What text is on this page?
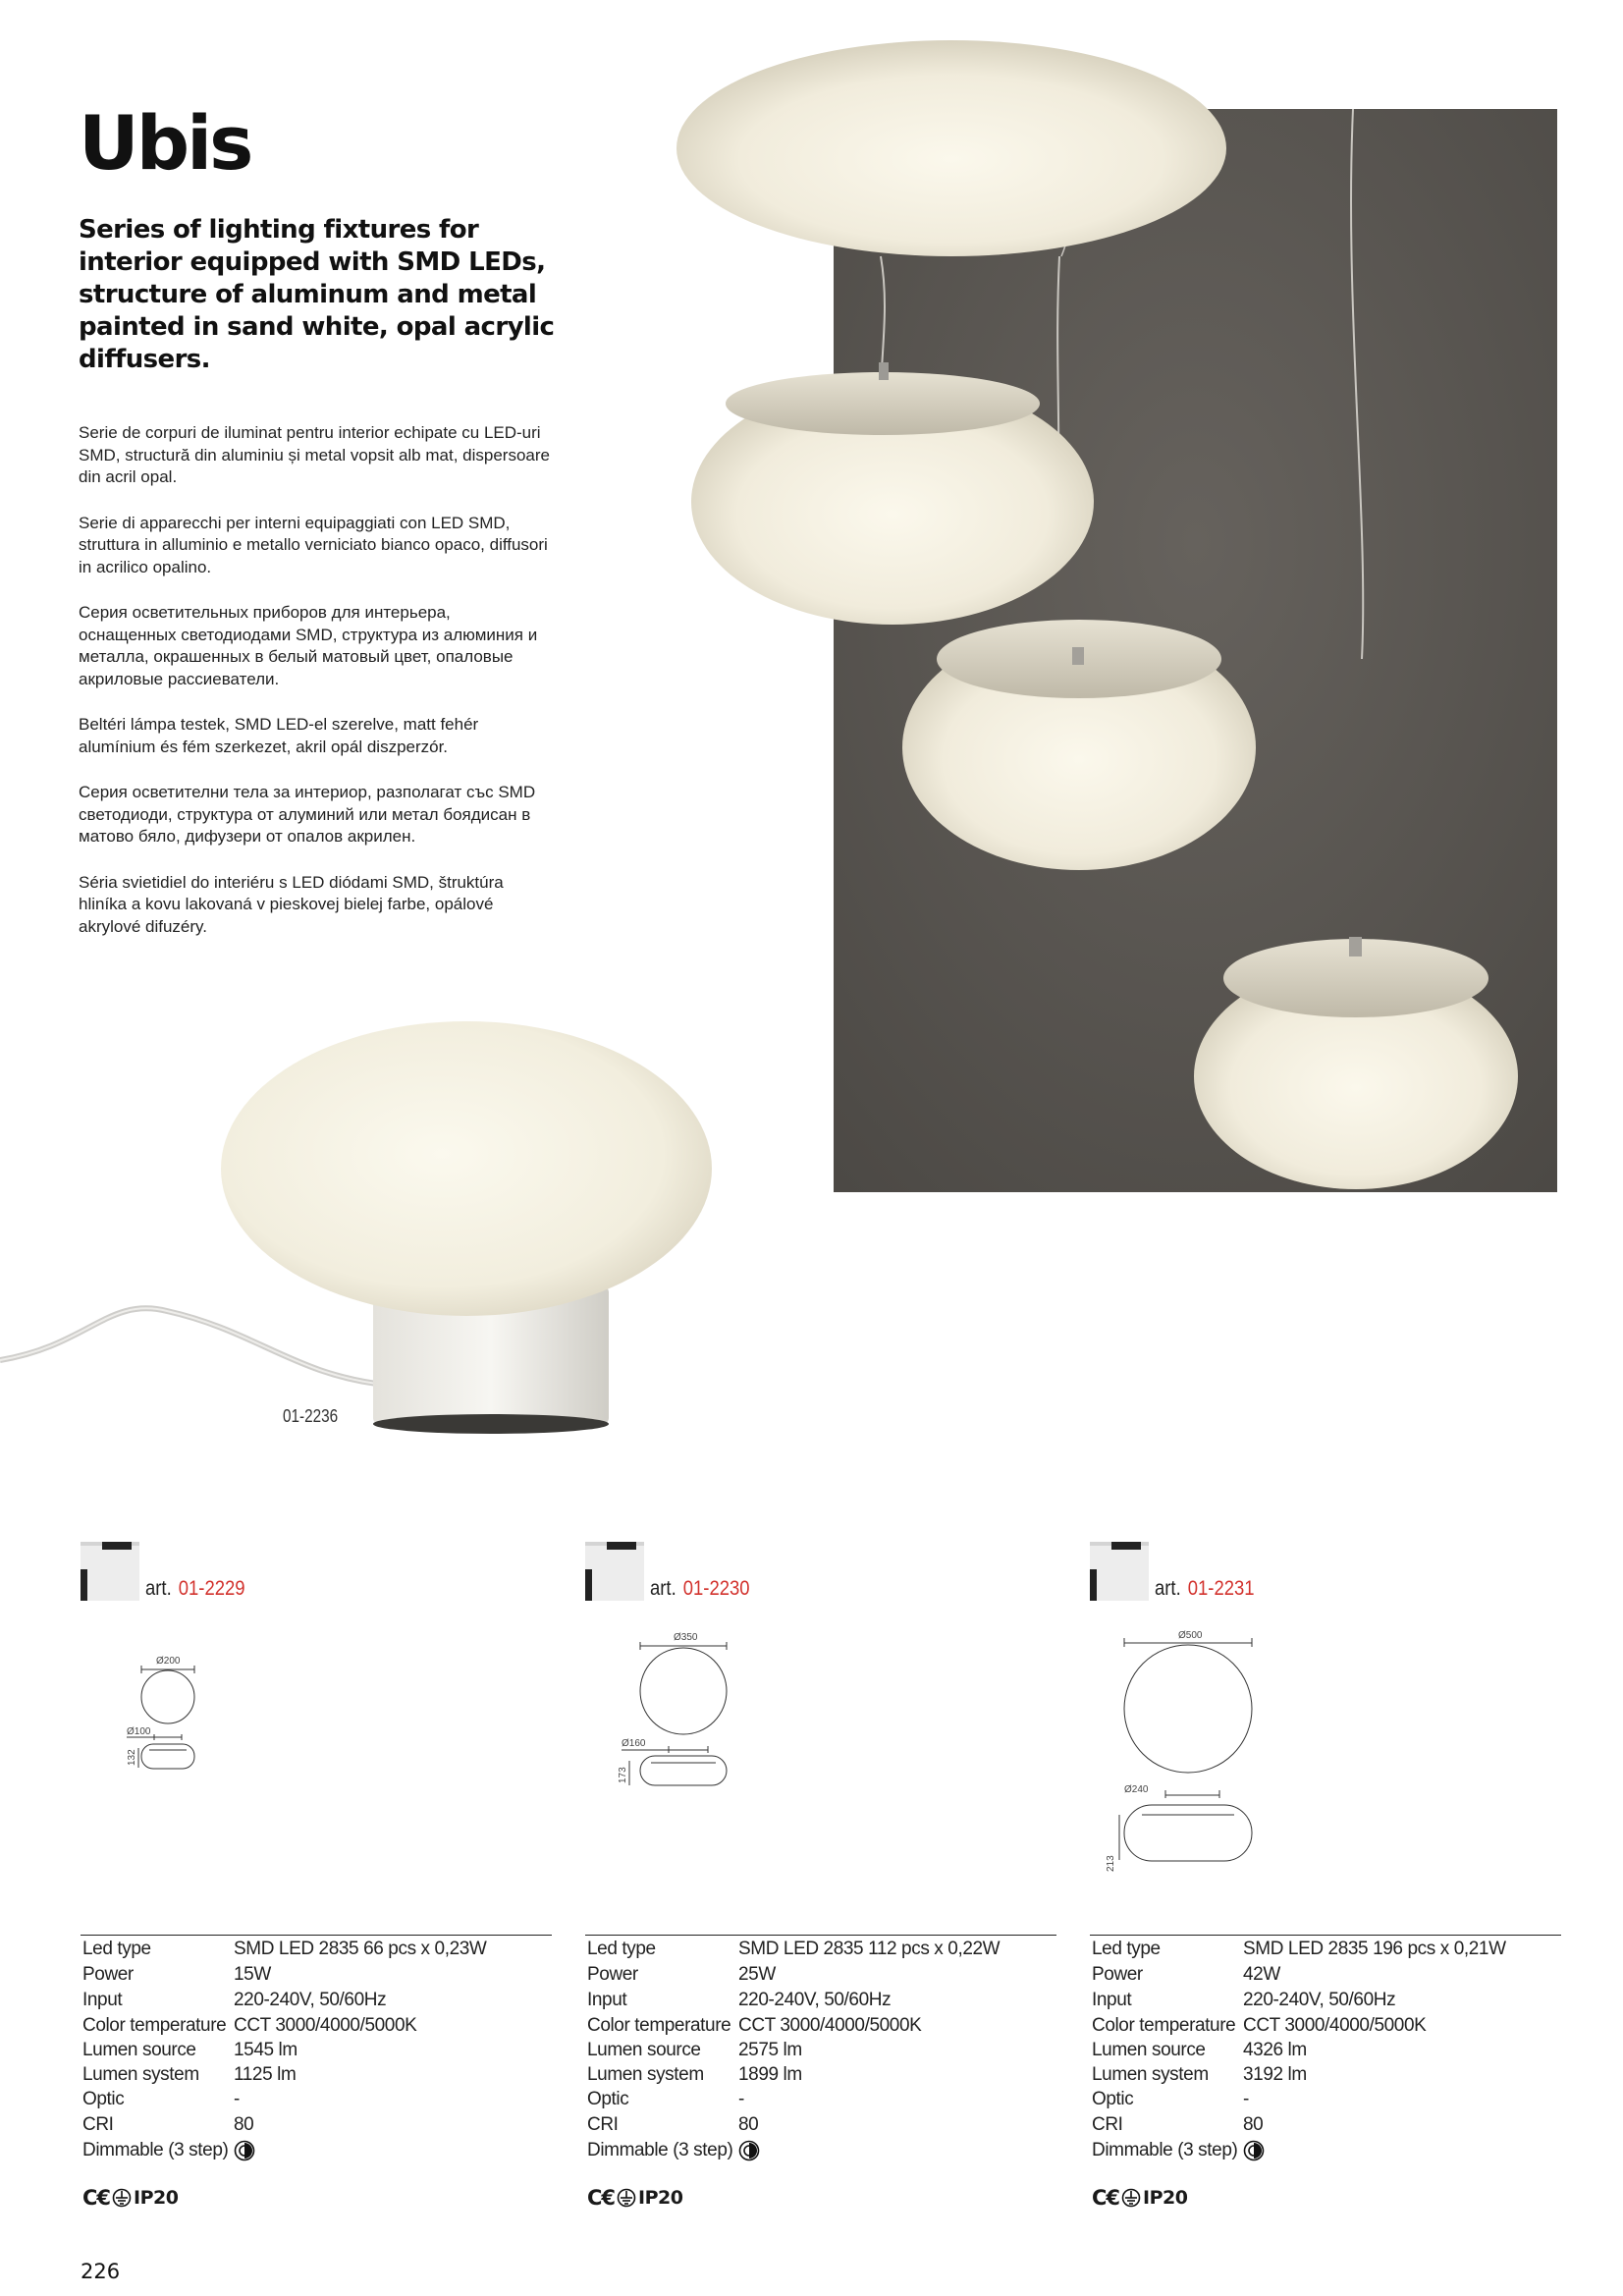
Ubis

Series of lighting fixtures for interior equipped with SMD LEDs, structure of aluminum and metal painted in sand white, opal acrylic diffusers.

Serie de corpuri de iluminat pentru interior echipate cu LED-uri SMD, structură din aluminiu și metal vopsit alb mat, dispersoare din acril opal.

Serie di apparecchi per interni equipaggiati con LED SMD, struttura in alluminio e metallo verniciato bianco opaco, diffusori in acrilico opalino.

Серия осветительных приборов для интерьера, оснащенных светодиодами SMD, структура из алюминия и металла, окрашенных в белый матовый цвет, опаловые акриловые рассиеватели.

Beltéri lámpa testek, SMD LED-el szerelve, matt fehér alumínium és fém szerkezet, akril opál diszperzór.

Серия осветителни тела за интериор, разполагат със SMD светодиоди, структура от алуминий или метал боядисан в матово бяло, дифузери от опалов акрилен.

Séria svietidiel do interiéru s LED diódami SMD, štruktúra hliníka a kovu lakovaná v pieskovej bielej farbe, opálové akrylové difuzéry.

01-2236
art. 01-2229
Ø200
Ø100
132
Led type	SMD LED 2835 66 pcs x 0,23W
Power	15W
Input	220-240V, 50/60Hz
Color temperature	CCT 3000/4000/5000K
Lumen source	1545 lm
Lumen system	1125 lm
Optic	-
CRI	80
Dimmable (3 step)	
C€ IP20
art. 01-2230
Ø350
Ø160
173
Led type	SMD LED 2835 112 pcs x 0,22W
Power	25W
Input	220-240V, 50/60Hz
Color temperature	CCT 3000/4000/5000K
Lumen source	2575 lm
Lumen system	1899 lm
Optic	-
CRI	80
Dimmable (3 step)	
C€ IP20
art. 01-2231
Ø500
Ø240
213
Led type	SMD LED 2835 196 pcs x 0,21W
Power	42W
Input	220-240V, 50/60Hz
Color temperature	CCT 3000/4000/5000K
Lumen source	4326 lm
Lumen system	3192 lm
Optic	-
CRI	80
Dimmable (3 step)	
C€ IP20
226
